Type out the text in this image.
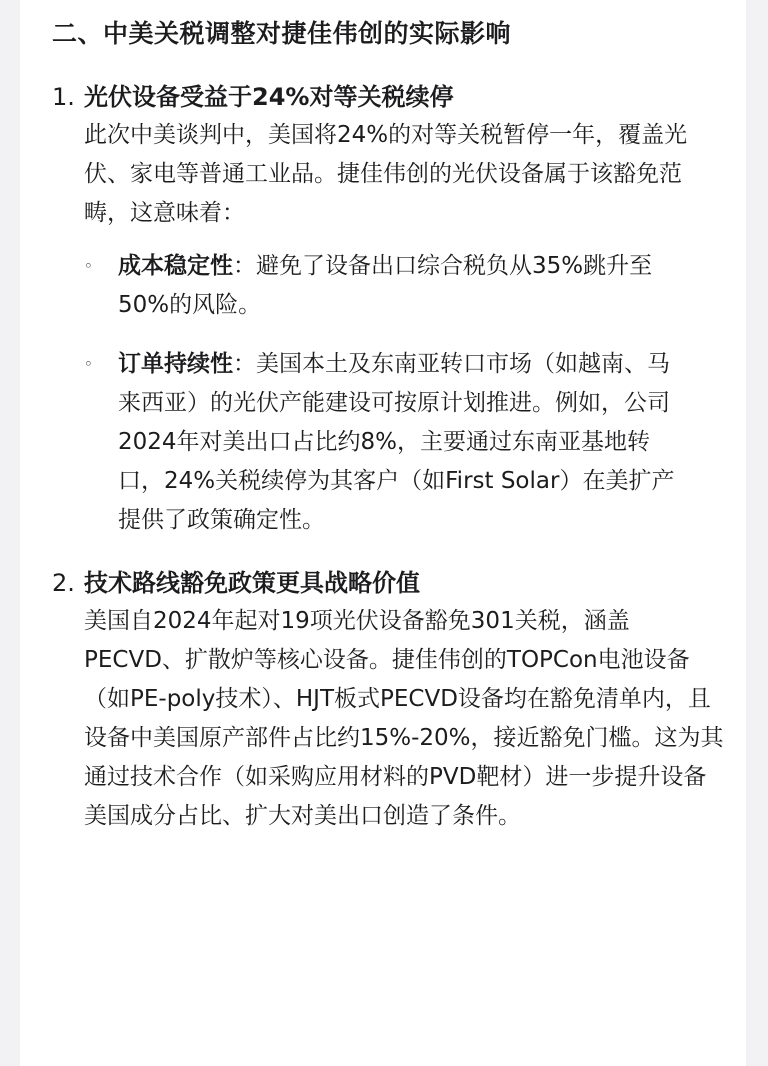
二、中美关税调整对捷佳伟创的实际影响
1. 光伏设备受益于24%对等关税续停

此次中美谈判中，美国将24%的对等关税暂停一年，覆盖光伏、家电等普通工业品。捷佳伟创的光伏设备属于该豁免范畴，这意味着：

◦	成本稳定性：避免了设备出口综合税负从35%跳升至50%的风险。
◦	订单持续性：美国本土及东南亚转口市场（如越南、马来西亚）的光伏产能建设可按原计划推进。例如，公司2024年对美出口占比约8%，主要通过东南亚基地转口，24%关税续停为其客户（如First Solar）在美扩产提供了政策确定性。
2. 技术路线豁免政策更具战略价值

美国自2024年起对19项光伏设备豁免301关税，涵盖PECVD、扩散炉等核心设备。捷佳伟创的TOPCon电池设备（如PE-poly技术）、HJT板式PECVD设备均在豁免清单内，且设备中美国原产部件占比约15%-20%，接近豁免门槛。这为其通过技术合作（如采购应用材料的PVD靶材）进一步提升设备美国成分占比、扩大对美出口创造了条件。
